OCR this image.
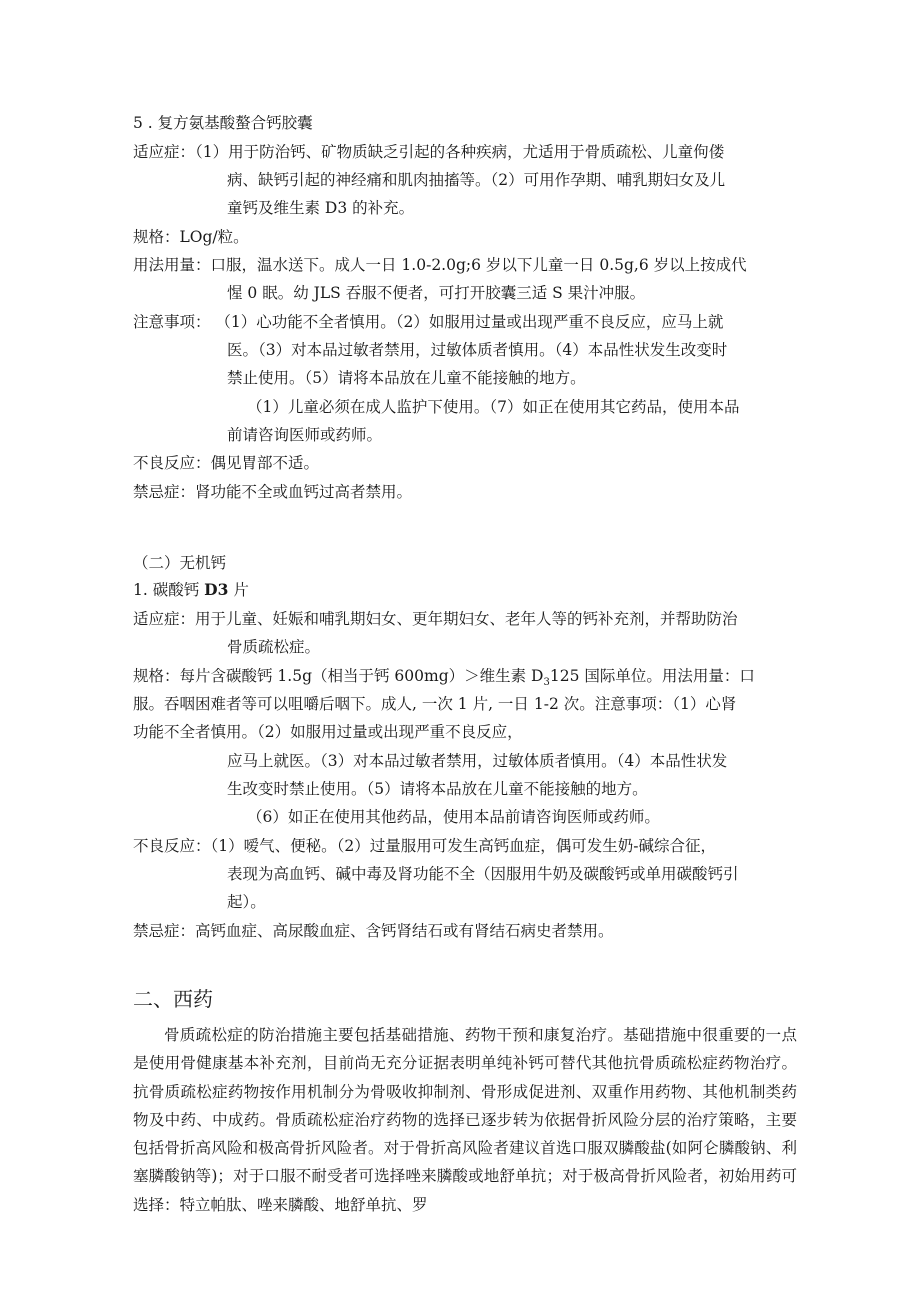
5 . 复方氨基酸螯合钙胶囊
适应症：（1）用于防治钙、矿物质缺乏引起的各种疾病，尤适用于骨质疏松、儿童佝偻
病、缺钙引起的神经痛和肌肉抽搐等。（2）可用作孕期、哺乳期妇女及儿
童钙及维生素 D3 的补充。
规格：LOg/粒。
用法用量：口服，温水送下。成人一日 1.0-2.0g;6 岁以下儿童一日 0.5g,6 岁以上按成代
惺 0 眠。幼 JLS 吞服不便者，可打开胶囊三适 S 果汁冲服。
注意事项： （1）心功能不全者慎用。（2）如服用过量或出现严重不良反应，应马上就
医。（3）对本品过敏者禁用，过敏体质者慎用。（4）本品性状发生改变时
禁止使用。（5）请将本品放在儿童不能接触的地方。
（1）儿童必须在成人监护下使用。（7）如正在使用其它药品，使用本品
前请咨询医师或药师。
不良反应：偶见胃部不适。
禁忌症：肾功能不全或血钙过高者禁用。
（二）无机钙
1. 碳酸钙 D3 片
适应症：用于儿童、妊娠和哺乳期妇女、更年期妇女、老年人等的钙补充剂，并帮助防治
骨质疏松症。
规格：每片含碳酸钙 1.5g（相当于钙 600mg）＞维生素 $D_3125$ 国际单位。用法用量：口
服。吞咽困难者等可以咀嚼后咽下。成人, 一次 1 片, 一日 1-2 次。注意事项：（1）心肾
功能不全者慎用。（2）如服用过量或出现严重不良反应，
应马上就医。（3）对本品过敏者禁用，过敏体质者慎用。（4）本品性状发
生改变时禁止使用。（5）请将本品放在儿童不能接触的地方。
（6）如正在使用其他药品，使用本品前请咨询医师或药师。
不良反应：（1）嗳气、便秘。（2）过量服用可发生高钙血症，偶可发生奶-碱综合征，
表现为高血钙、碱中毒及肾功能不全（因服用牛奶及碳酸钙或单用碳酸钙引
起）。
禁忌症：高钙血症、高尿酸血症、含钙肾结石或有肾结石病史者禁用。
二、西药
骨质疏松症的防治措施主要包括基础措施、药物干预和康复治疗。基础措施中很重要的一点是使用骨健康基本补充剂，目前尚无充分证据表明单纯补钙可替代其他抗骨质疏松症药物治疗。抗骨质疏松症药物按作用机制分为骨吸收抑制剂、骨形成促进剂、双重作用药物、其他机制类药物及中药、中成药。骨质疏松症治疗药物的选择已逐步转为依据骨折风险分层的治疗策略，主要包括骨折高风险和极高骨折风险者。对于骨折高风险者建议首选口服双膦酸盐(如阿仑膦酸钠、利塞膦酸钠等)；对于口服不耐受者可选择唑来膦酸或地舒单抗；对于极高骨折风险者，初始用药可选择：特立帕肽、唑来膦酸、地舒单抗、罗
